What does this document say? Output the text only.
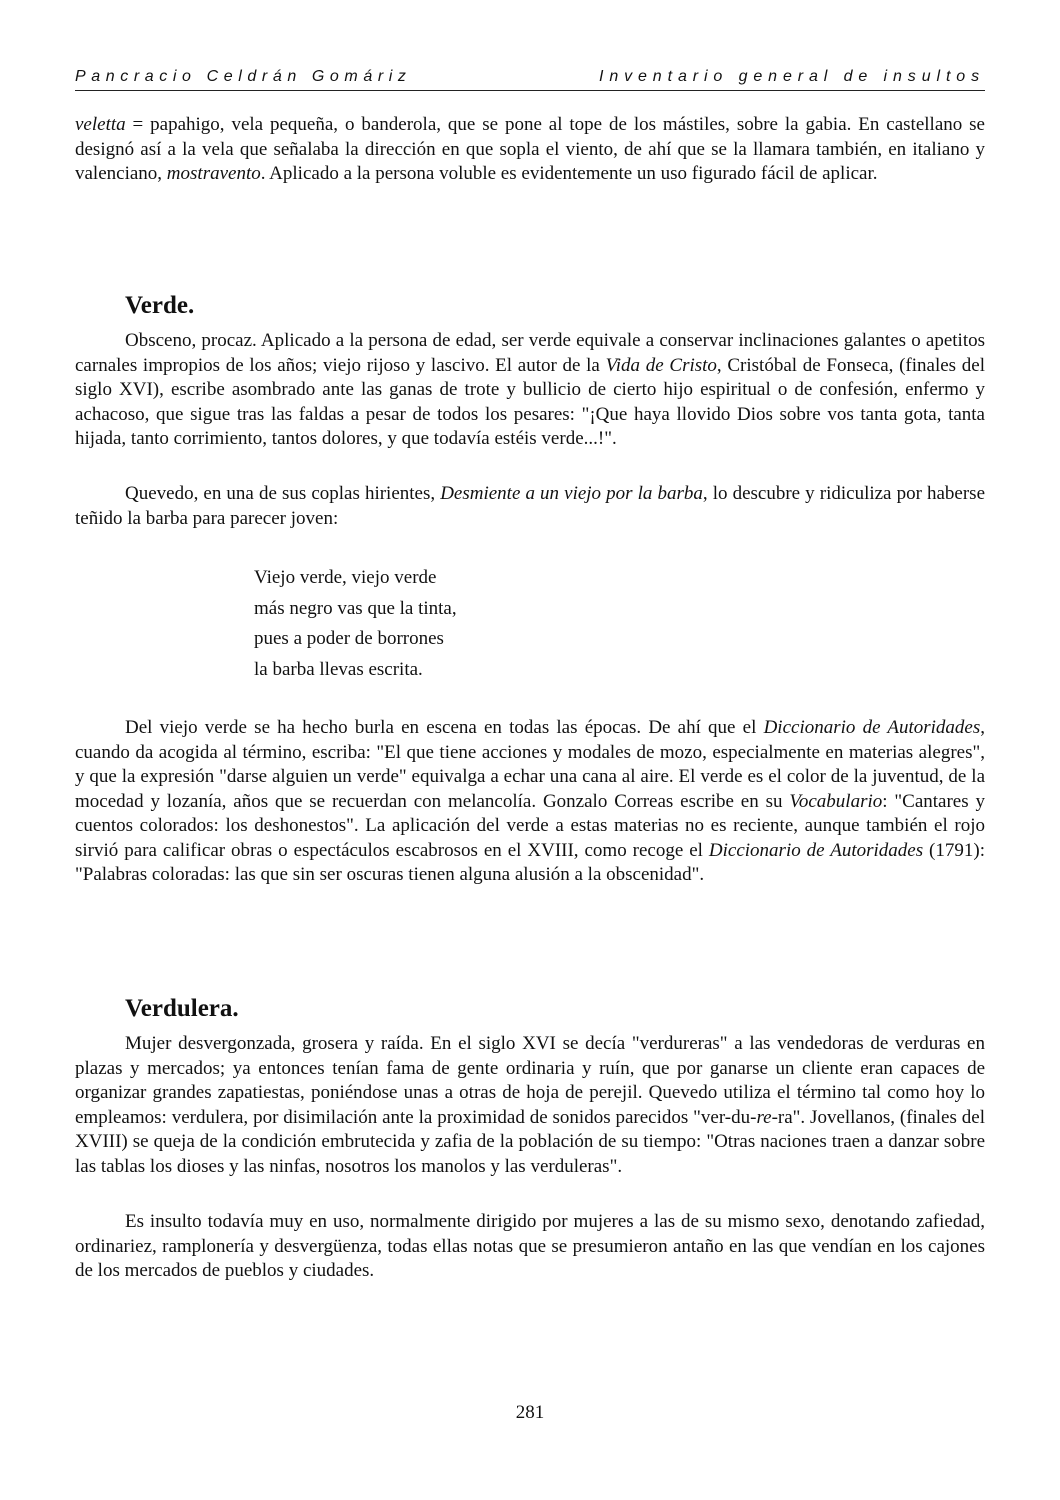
Pancracio Celdrán Gomáriz	Inventario general de insultos

veletta = papahigo, vela pequeña, o banderola, que se pone al tope de los mástiles, sobre la gabia. En castellano se designó así a la vela que señalaba la dirección en que sopla el viento, de ahí que se la llamara también, en italiano y valenciano, mostravento. Aplicado a la persona voluble es evidentemente un uso figurado fácil de aplicar.

Verde.

Obsceno, procaz. Aplicado a la persona de edad, ser verde equivale a conservar inclinaciones galantes o apetitos carnales impropios de los años; viejo rijoso y lascivo. El autor de la Vida de Cristo, Cristóbal de Fonseca, (finales del siglo XVI), escribe asombrado ante las ganas de trote y bullicio de cierto hijo espiritual o de confesión, enfermo y achacoso, que sigue tras las faldas a pesar de todos los pesares: "¡Que haya llovido Dios sobre vos tanta gota, tanta hijada, tanto corrimiento, tantos dolores, y que todavía estéis verde...!".

Quevedo, en una de sus coplas hirientes, Desmiente a un viejo por la barba, lo descubre y ridiculiza por haberse teñido la barba para parecer joven:

Viejo verde, viejo verde
más negro vas que la tinta,
pues a poder de borrones
la barba llevas escrita.

Del viejo verde se ha hecho burla en escena en todas las épocas. De ahí que el Diccionario de Autoridades, cuando da acogida al término, escriba: "El que tiene acciones y modales de mozo, especialmente en materias alegres", y que la expresión "darse alguien un verde" equivalga a echar una cana al aire. El verde es el color de la juventud, de la mocedad y lozanía, años que se recuerdan con melancolía. Gonzalo Correas escribe en su Vocabulario: "Cantares y cuentos colorados: los deshonestos". La aplicación del verde a estas materias no es reciente, aunque también el rojo sirvió para calificar obras o espectáculos escabrosos en el XVIII, como recoge el Diccionario de Autoridades (1791): "Palabras coloradas: las que sin ser oscuras tienen alguna alusión a la obscenidad".

Verdulera.

Mujer desvergonzada, grosera y raída. En el siglo XVI se decía "verdureras" a las vendedoras de verduras en plazas y mercados; ya entonces tenían fama de gente ordinaria y ruín, que por ganarse un cliente eran capaces de organizar grandes zapatiestas, poniéndose unas a otras de hoja de perejil. Quevedo utiliza el término tal como hoy lo empleamos: verdulera, por disimilación ante la proximidad de sonidos parecidos "ver-du-re-ra". Jovellanos, (finales del XVIII) se queja de la condición embrutecida y zafia de la población de su tiempo: "Otras naciones traen a danzar sobre las tablas los dioses y las ninfas, nosotros los manolos y las verduleras".

Es insulto todavía muy en uso, normalmente dirigido por mujeres a las de su mismo sexo, denotando zafiedad, ordinariez, ramplonería y desvergüenza, todas ellas notas que se presumieron antaño en las que vendían en los cajones de los mercados de pueblos y ciudades.

281
